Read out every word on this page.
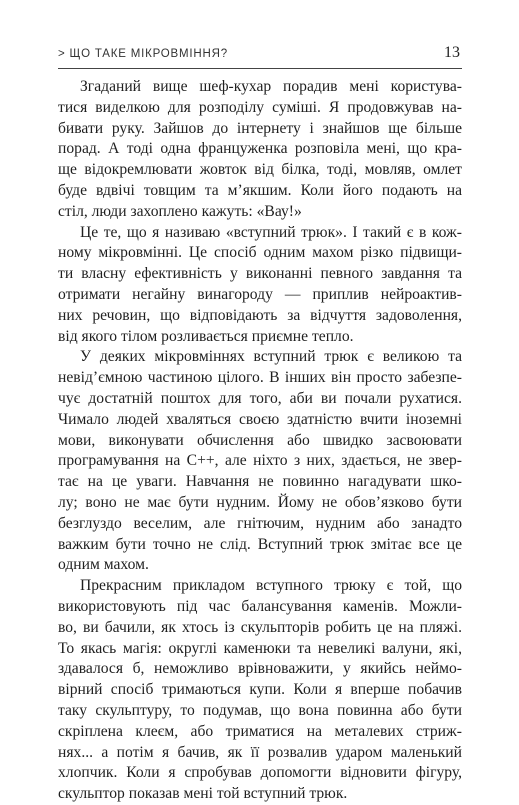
> ЩО ТАКЕ МІКРОВМІННЯ?	13
Згаданий вище шеф-кухар порадив мені користува-
тися виделкою для розподілу суміші. Я продовжував на-
бивати руку. Зайшов до інтернету і знайшов ще більше
порад. А тоді одна француженка розповіла мені, що кра-
ще відокремлювати жовток від білка, тоді, мовляв, омлет
буде вдвічі товщим та м’якшим. Коли його подають на
стіл, люди захоплено кажуть: «Вау!»
Це те, що я називаю «вступний трюк». І такий є в кож-
ному мікровмінні. Це спосіб одним махом різко підвищи-
ти власну ефективність у виконанні певного завдання та
отримати негайну винагороду — приплив нейроактив-
них речовин, що відповідають за відчуття задоволення,
від якого тілом розливається приємне тепло.
У деяких мікровміннях вступний трюк є великою та
невід’ємною частиною цілого. В інших він просто забезпе-
чує достатній поштох для того, аби ви почали рухатися.
Чимало людей хваляться своєю здатністю вчити іноземні
мови, виконувати обчислення або швидко засвоювати
програмування на C++, але ніхто з них, здається, не звер-
тає на це уваги. Навчання не повинно нагадувати шко-
лу; воно не має бути нудним. Йому не обов’язково бути
безглуздо веселим, але гнітючим, нудним або занадто
важким бути точно не слід. Вступний трюк змітає все це
одним махом.
Прекрасним прикладом вступного трюку є той, що
використовують під час балансування каменів. Можли-
во, ви бачили, як хтось із скульпторів робить це на пляжі.
То якась магія: округлі каменюки та невеликі валуни, які,
здавалося б, неможливо врівноважити, у якийсь неймо-
вірний спосіб тримаються купи. Коли я вперше побачив
таку скульптуру, то подумав, що вона повинна або бути
скріплена клеєм, або триматися на металевих стриж-
нях... а потім я бачив, як її розвалив ударом маленький
хлопчик. Коли я спробував допомогти відновити фігуру,
скульптор показав мені той вступний трюк.
